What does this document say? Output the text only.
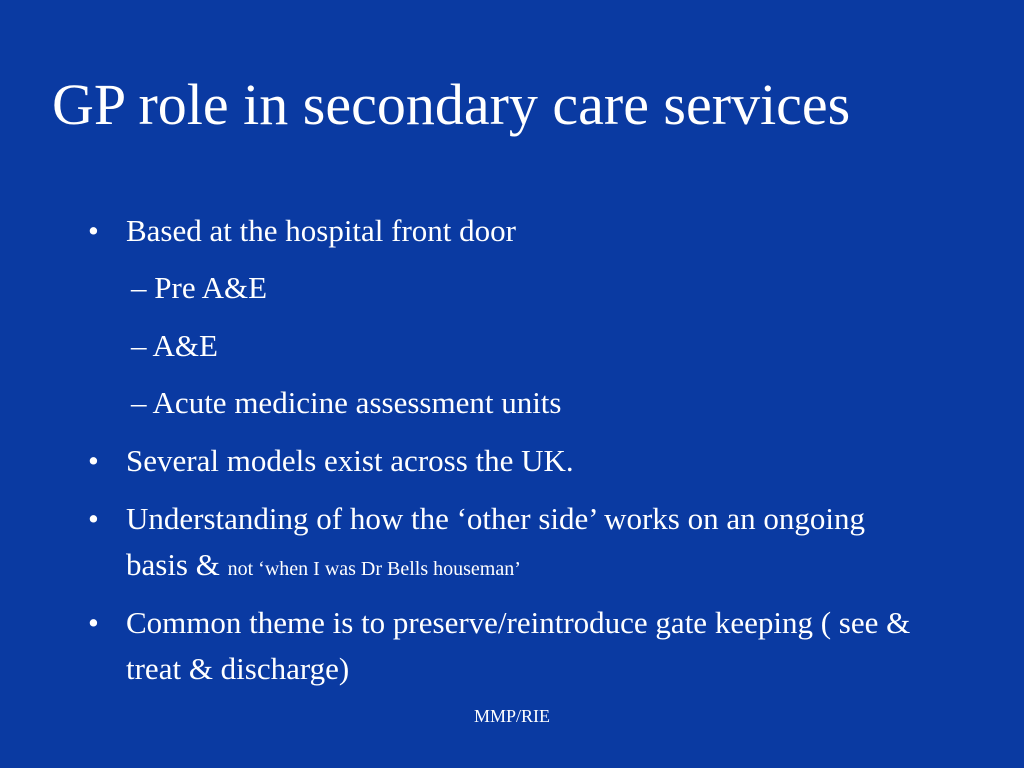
GP role in secondary care services

• Based at the hospital front door

– Pre A&E

– A&E

– Acute medicine assessment units

• Several models exist across the UK.

• Understanding of how the ‘other side’ works on an ongoing basis & not ‘when I was Dr Bells houseman’

• Common theme is to preserve/reintroduce gate keeping ( see & treat & discharge)

MMP/RIE
